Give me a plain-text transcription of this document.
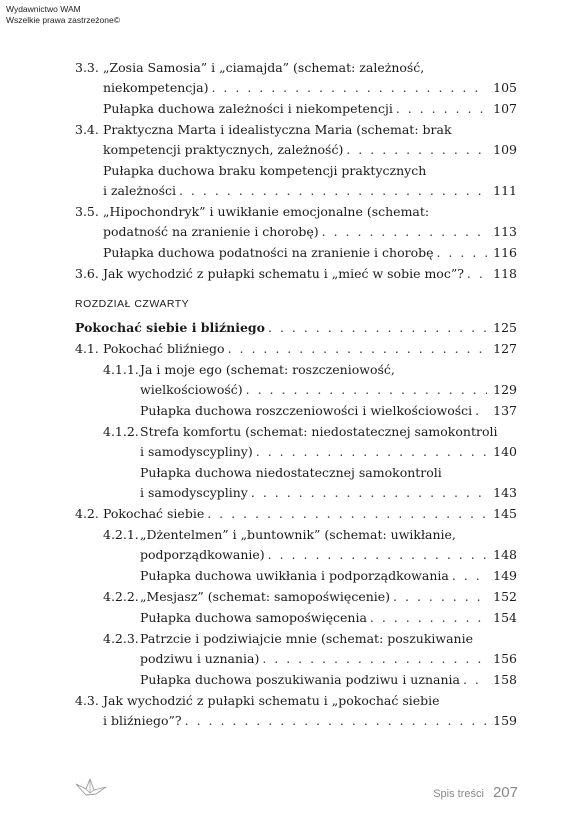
Wydawnictwo WAM
Wszelkie prawa zastrzeżone©
3.3. „Zosia Samosia” i „ciamajda” (schemat: zależność,
niekompetencja) . . .	105
Pułapka duchowa zależności i niekompetencji . . .	107
3.4. Praktyczna Marta i idealistyczna Maria (schemat: brak
kompetencji praktycznych, zależność) . . .	109
Pułapka duchowa braku kompetencji praktycznych
i zależności . . .	111
3.5. „Hipochondryk” i uwikłanie emocjonalne (schemat:
podatność na zranienie i chorobę) . . .	113
Pułapka duchowa podatności na zranienie i chorobę . . .	116
3.6. Jak wychodzić z pułapki schematu i „mieć w sobie moc”? . . . 118
ROZDZIAŁ CZWARTY
Pokochać siebie i bliźniego . . .	125
4.1. Pokochać bliźniego . . .	127
4.1.1. Ja i moje ego (schemat: roszczeniowość,
wielkościowość) . . .	129
Pułapka duchowa roszczeniowości i wielkościowości . . . 137
4.1.2. Strefa komfortu (schemat: niedostatecznej samokontroli
i samodyscypliny) . . .	140
Pułapka duchowa niedostatecznej samokontroli
i samodyscypliny . . .	143
4.2. Pokochać siebie . . .	145
4.2.1. „Dżentelmen” i „buntownik” (schemat: uwikłanie,
podporządkowanie) . . .	148
Pułapka duchowa uwikłania i podporządkowania . . .	149
4.2.2. „Mesjasz” (schemat: samopoświęcenie) . . .	152
Pułapka duchowa samopoświęcenia . . .	154
4.2.3. Patrzcie i podziwiajcie mnie (schemat: poszukiwanie
podziwu i uznania) . . .	156
Pułapka duchowa poszukiwania podziwu i uznania . . .	158
4.3. Jak wychodzić z pułapki schematu i „pokochać siebie
i bliźniego”? . . .	159
Spis treści 207
